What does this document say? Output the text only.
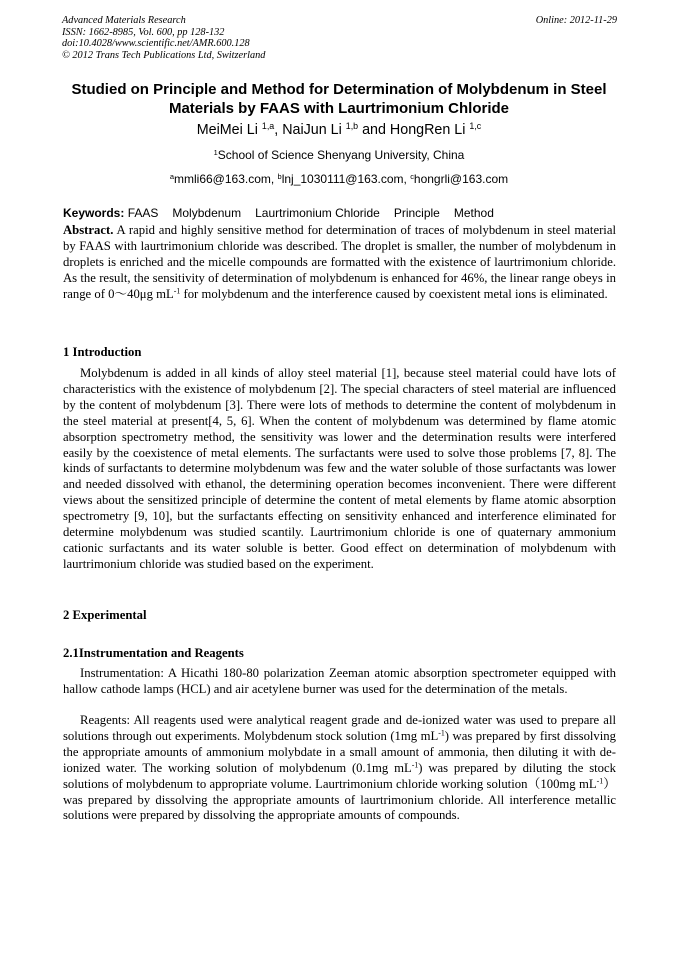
Advanced Materials Research
ISSN: 1662-8985, Vol. 600, pp 128-132
doi:10.4028/www.scientific.net/AMR.600.128
© 2012 Trans Tech Publications Ltd, Switzerland
Online: 2012-11-29
Studied on Principle and Method for Determination of Molybdenum in Steel Materials by FAAS with Laurtrimonium Chloride
MeiMei Li $^{1,a}$, NaiJun Li $^{1,b}$ and HongRen Li $^{1,c}$
$^1$School of Science Shenyang University, China
$^a$mmli66@163.com, $^b$lnj_1030111@163.com, $^c$hongrli@163.com
Keywords: FAAS Molybdenum Laurtrimonium Chloride Principle Method
Abstract. A rapid and highly sensitive method for determination of traces of molybdenum in steel material by FAAS with laurtrimonium chloride was described. The droplet is smaller, the number of molybdenum in droplets is enriched and the micelle compounds are formatted with the existence of laurtrimonium chloride. As the result, the sensitivity of determination of molybdenum is enhanced for 46%, the linear range obeys in range of 0～40μg $mL^{-1}$ for molybdenum and the interference caused by coexistent metal ions is eliminated.
1 Introduction

Molybdenum is added in all kinds of alloy steel material [1], because steel material could have lots of characteristics with the existence of molybdenum [2]. The special characters of steel material are influenced by the content of molybdenum [3]. There were lots of methods to determine the content of molybdenum in the steel material at present[4, 5, 6]. When the content of molybdenum was determined by flame atomic absorption spectrometry method, the sensitivity was lower and the determination results were interfered easily by the coexistence of metal elements. The surfactants were used to solve those problems [7, 8]. The kinds of surfactants to determine molybdenum was few and the water soluble of those surfactants was lower and needed dissolved with ethanol, the determining operation becomes inconvenient. There were different views about the sensitized principle of determine the content of metal elements by flame atomic absorption spectrometry [9, 10], but the surfactants effecting on sensitivity enhanced and interference eliminated for determine molybdenum was studied scantily. Laurtrimonium chloride is one of quaternary ammonium cationic surfactants and its water soluble is better. Good effect on determination of molybdenum with laurtrimonium chloride was studied based on the experiment.

2 Experimental
2.1Instrumentation and Reagents

Instrumentation: A Hicathi 180-80 polarization Zeeman atomic absorption spectrometer equipped with hallow cathode lamps (HCL) and air acetylene burner was used for the determination of the metals.

Reagents: All reagents used were analytical reagent grade and de-ionized water was used to prepare all solutions through out experiments. Molybdenum stock solution (1mg $mL^{-1}$) was prepared by first dissolving the appropriate amounts of ammonium molybdate in a small amount of ammonia, then diluting it with de-ionized water. The working solution of molybdenum (0.1mg $mL^{-1}$) was prepared by diluting the stock solutions of molybdenum to appropriate volume. Laurtrimonium chloride working solution（100mg $mL^{-1})was$ prepared by dissolving the appropriate amounts of laurtrimonium chloride. All interference metallic solutions were prepared by dissolving the appropriate amounts of compounds.
